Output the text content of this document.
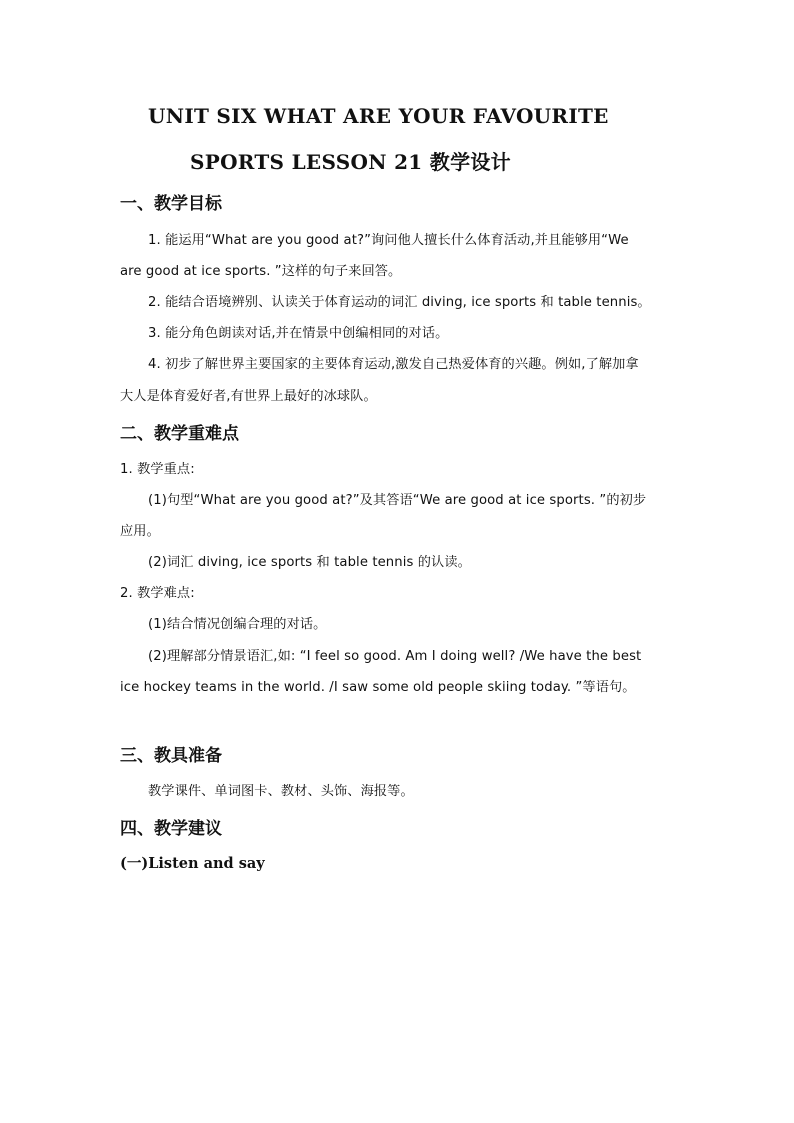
UNIT SIX WHAT ARE YOUR FAVOURITE
SPORTS LESSON 21 教学设计
一、教学目标
1. 能运用“What are you good at?”询问他人擅长什么体育活动,并且能够用“We
are good at ice sports. ”这样的句子来回答。
2. 能结合语境辨别、认读关于体育运动的词汇 diving, ice sports 和 table tennis。
3. 能分角色朗读对话,并在情景中创编相同的对话。
4. 初步了解世界主要国家的主要体育运动,激发自己热爱体育的兴趣。例如,了解加拿
大人是体育爱好者,有世界上最好的冰球队。
二、教学重难点
1. 教学重点:
(1)句型“What are you good at?”及其答语“We are good at ice sports. ”的初步
应用。
(2)词汇 diving, ice sports 和 table tennis 的认读。
2. 教学难点:
(1)结合情况创编合理的对话。
(2)理解部分情景语汇,如: “I feel so good. Am I doing well? /We have the best
ice hockey teams in the world. /I saw some old people skiing today. ”等语句。
三、教具准备
教学课件、单词图卡、教材、头饰、海报等。
四、教学建议
(一)Listen and say
